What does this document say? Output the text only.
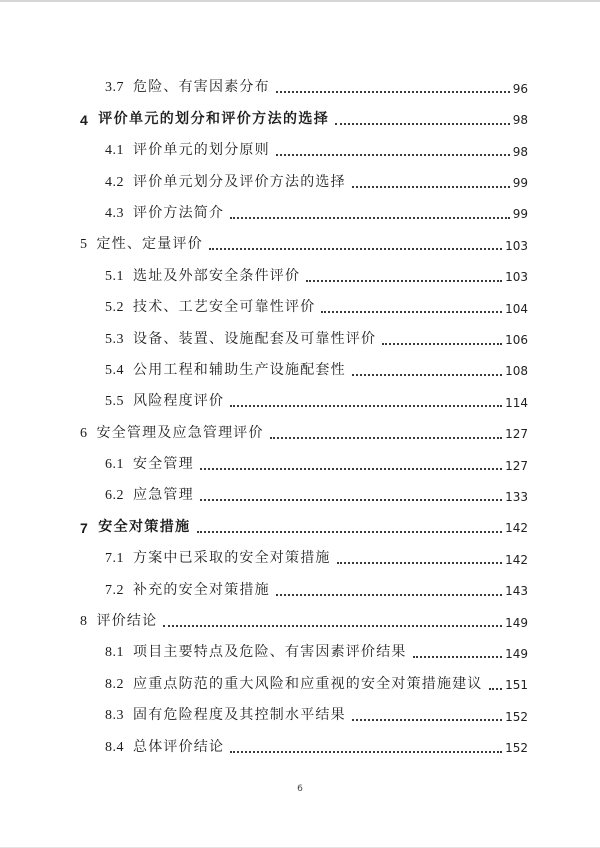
3.7 危险、有害因素分布	96
4 评价单元的划分和评价方法的选择	98
4.1 评价单元的划分原则	98
4.2 评价单元划分及评价方法的选择	99
4.3 评价方法简介	99
5 定性、定量评价	103
5.1 选址及外部安全条件评价	103
5.2 技术、工艺安全可靠性评价	104
5.3 设备、装置、设施配套及可靠性评价	106
5.4 公用工程和辅助生产设施配套性	108
5.5 风险程度评价	114
6 安全管理及应急管理评价	127
6.1 安全管理	127
6.2 应急管理	133
7 安全对策措施	142
7.1 方案中已采取的安全对策措施	142
7.2 补充的安全对策措施	143
8 评价结论	149
8.1 项目主要特点及危险、有害因素评价结果	149
8.2 应重点防范的重大风险和应重视的安全对策措施建议 151
8.3 固有危险程度及其控制水平结果	152
8.4 总体评价结论	152
6
